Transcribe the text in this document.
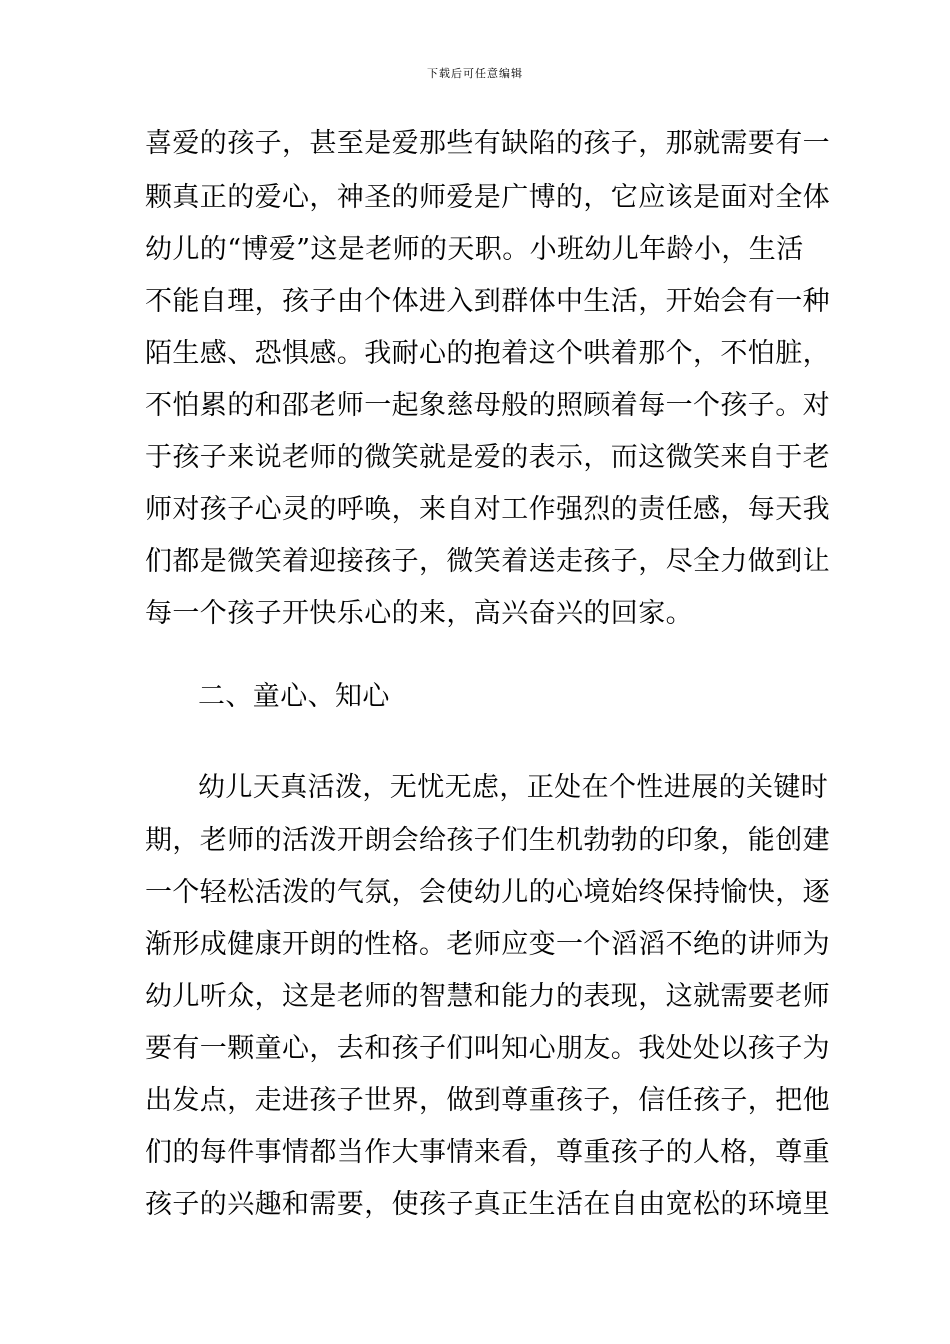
下载后可任意编辑
喜爱的孩子，甚至是爱那些有缺陷的孩子，那就需要有一
颗真正的爱心，神圣的师爱是广博的，它应该是面对全体
幼儿的“博爱”这是老师的天职。小班幼儿年龄小，生活
不能自理，孩子由个体进入到群体中生活，开始会有一种
陌生感、恐惧感。我耐心的抱着这个哄着那个，不怕脏，
不怕累的和邵老师一起象慈母般的照顾着每一个孩子。对
于孩子来说老师的微笑就是爱的表示，而这微笑来自于老
师对孩子心灵的呼唤，来自对工作强烈的责任感，每天我
们都是微笑着迎接孩子，微笑着送走孩子，尽全力做到让
每一个孩子开快乐心的来，高兴奋兴的回家。
二、童心、知心
幼儿天真活泼，无忧无虑，正处在个性进展的关键时
期，老师的活泼开朗会给孩子们生机勃勃的印象，能创建
一个轻松活泼的气氛，会使幼儿的心境始终保持愉快，逐
渐形成健康开朗的性格。老师应变一个滔滔不绝的讲师为
幼儿听众，这是老师的智慧和能力的表现，这就需要老师
要有一颗童心，去和孩子们叫知心朋友。我处处以孩子为
出发点，走进孩子世界，做到尊重孩子，信任孩子，把他
们的每件事情都当作大事情来看，尊重孩子的人格，尊重
孩子的兴趣和需要，使孩子真正生活在自由宽松的环境里
